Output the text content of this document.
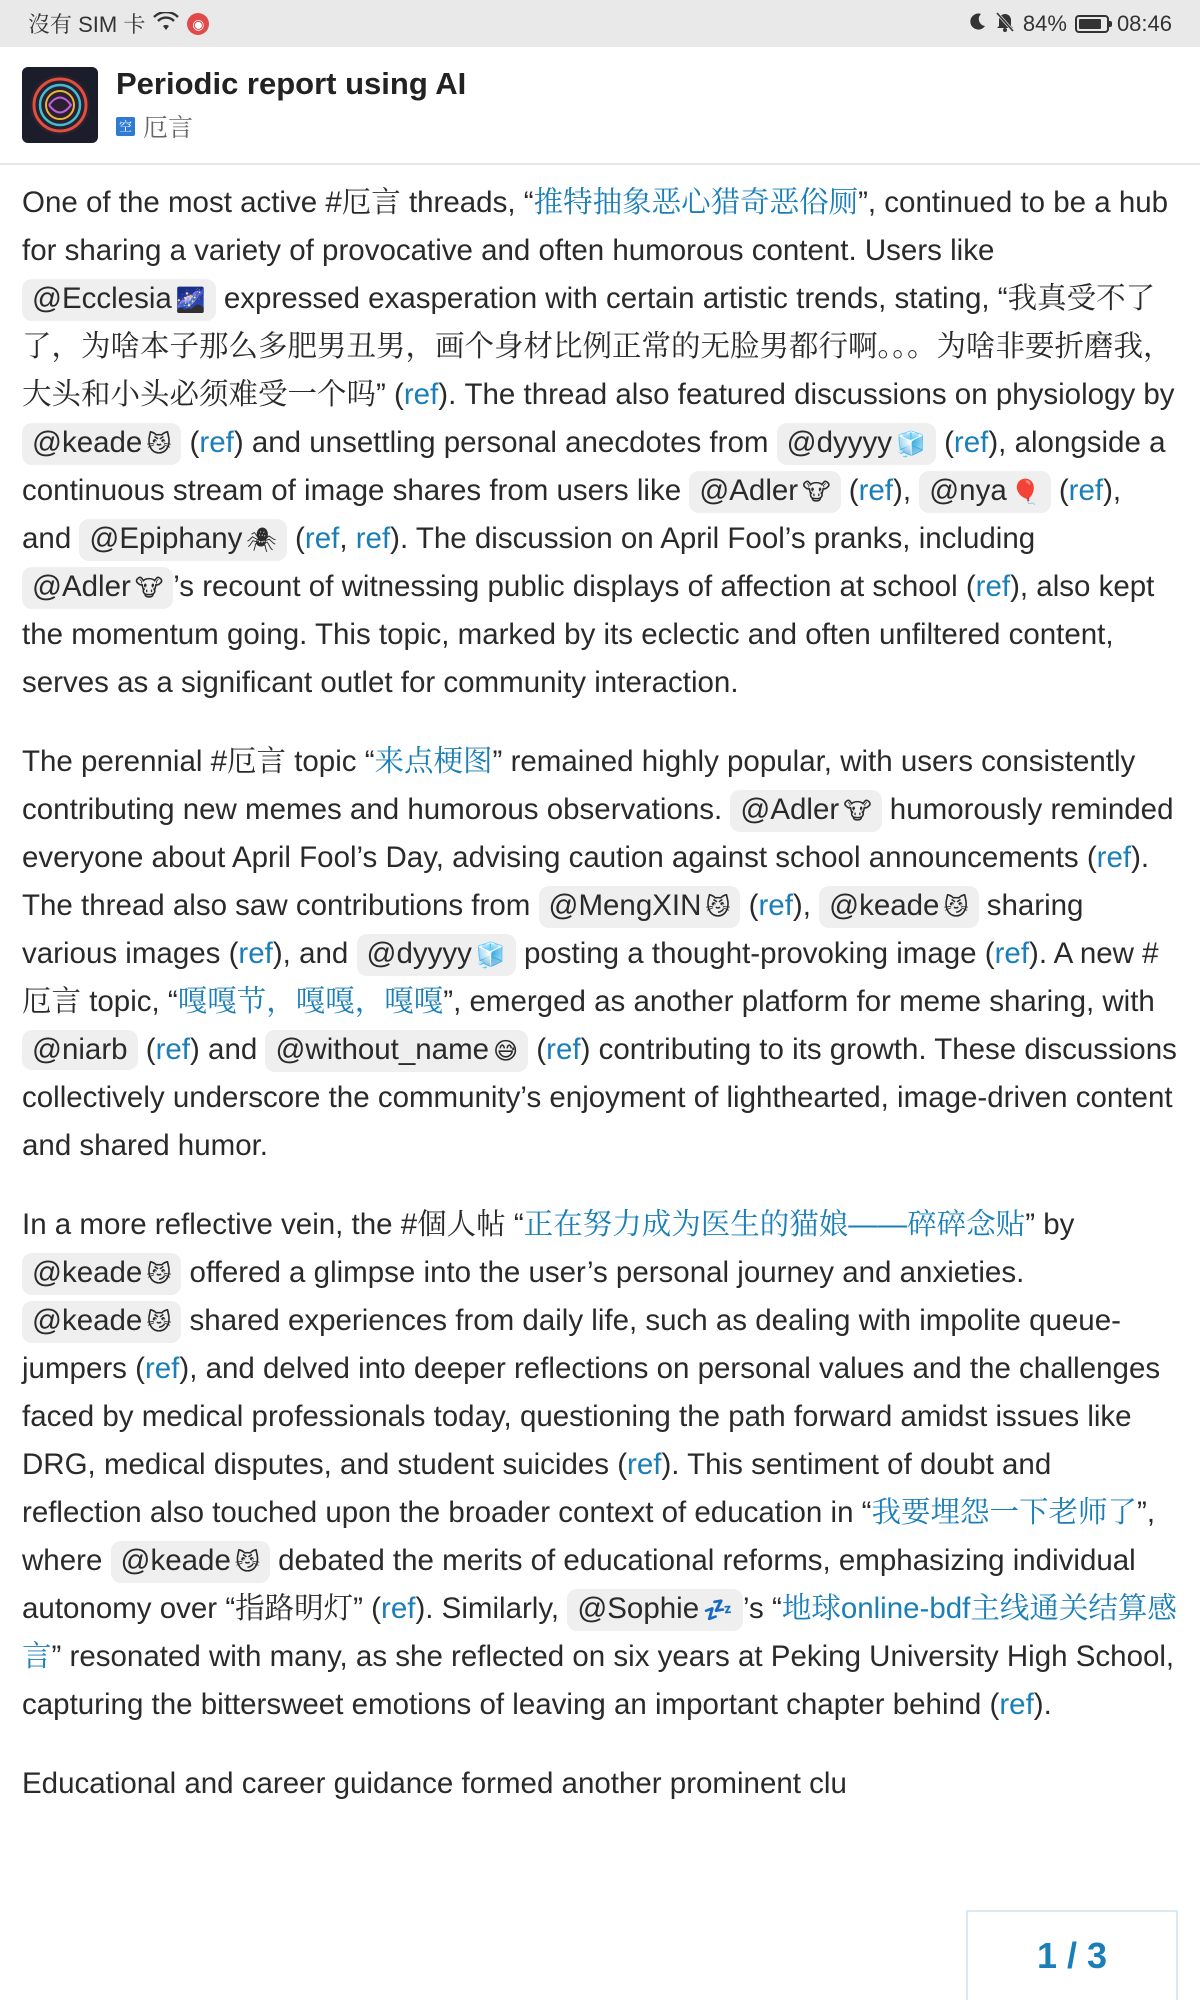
沒有 SIM 卡	◉	84% 08:46
Periodic report using AI
空 厄言

One of the most active #厄言 threads, “推特抽象恶心猎奇恶俗厕”, continued to be a hub for sharing a variety of provocative and often humorous content. Users like @Ecclesia 🌌 expressed exasperation with certain artistic trends, stating, “我真受不了了，为啥本子那么多肥男丑男，画个身材比例正常的无脸男都行啊。。。为啥非要折磨我，大头和小头必须难受一个吗” (ref). The thread also featured discussions on physiology by @keade 😼 (ref) and unsettling personal anecdotes from @dyyyy 🧊 (ref), alongside a continuous stream of image shares from users like @Adler 🐮 (ref), @nya 🎈 (ref), and @Epiphany 🕷 (ref, ref). The discussion on April Fool’s pranks, including @Adler 🐮 ’s recount of witnessing public displays of affection at school (ref), also kept the momentum going. This topic, marked by its eclectic and often unfiltered content, serves as a significant outlet for community interaction.

The perennial #厄言 topic “来点梗图” remained highly popular, with users consistently contributing new memes and humorous observations. @Adler 🐮 humorously reminded everyone about April Fool’s Day, advising caution against school announcements (ref). The thread also saw contributions from @MengXIN 😼 (ref), @keade 😼 sharing various images (ref), and @dyyyy 🧊 posting a thought-provoking image (ref). A new #厄言 topic, “嘎嘎节，嘎嘎，嘎嘎”, emerged as another platform for meme sharing, with @niarb (ref) and @without_name 😅 (ref) contributing to its growth. These discussions collectively underscore the community’s enjoyment of lighthearted, image-driven content and shared humor.

In a more reflective vein, the #個人帖 “正在努力成为医生的猫娘——碎碎念贴” by @keade 😼 offered a glimpse into the user’s personal journey and anxieties. @keade 😼 shared experiences from daily life, such as dealing with impolite queue-jumpers (ref), and delved into deeper reflections on personal values and the challenges faced by medical professionals today, questioning the path forward amidst issues like DRG, medical disputes, and student suicides (ref). This sentiment of doubt and reflection also touched upon the broader context of education in “我要埋怨一下老师了”, where @keade 😼 debated the merits of educational reforms, emphasizing individual autonomy over “指路明灯” (ref). Similarly, @Sophie 💤 ’s “地球online-bdf主线通关结算感言” resonated with many, as she reflected on six years at Peking University High School, capturing the bittersweet emotions of leaving an important chapter behind (ref).

Educational and career guidance formed another prominent clu

1 / 3
